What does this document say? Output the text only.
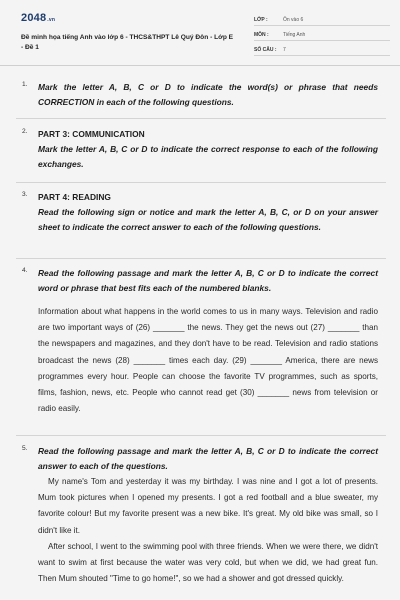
2048.vn
Đề minh họa tiếng Anh vào lớp 6 - THCS&THPT Lê Quý Đôn - Lớp E - Đề 1
LỚP :	Ôn vào 6
MÔN :	Tiếng Anh
SỐ CÂU : 7
1. Mark the letter A, B, C or D to indicate the word(s) or phrase that needs CORRECTION in each of the following questions.
2. PART 3: COMMUNICATION
Mark the letter A, B, C or D to indicate the correct response to each of the following exchanges.
3. PART 4: READING
Read the following sign or notice and mark the letter A, B, C, or D on your answer sheet to indicate the correct answer to each of the following questions.
4. Read the following passage and mark the letter A, B, C or D to indicate the correct word or phrase that best fits each of the numbered blanks.
Information about what happens in the world comes to us in many ways. Television and radio are two important ways of (26) _______ the news. They get the news out (27) _______ than the newspapers and magazines, and they don't have to be read. Television and radio stations broadcast the news (28) _______ times each day. (29) _______ America, there are news programmes every hour. People can choose the favorite TV programmes, such as sports, films, fashion, news, etc. People who cannot read get (30) _______ news from television or radio easily.
5. Read the following passage and mark the letter A, B, C or D to indicate the correct answer to each of the questions.
My name's Tom and yesterday it was my birthday. I was nine and I got a lot of presents. Mum took pictures when I opened my presents. I got a red football and a blue sweater, my favorite colour! But my favorite present was a new bike. It's great. My old bike was small, so I didn't like it.
After school, I went to the swimming pool with three friends. When we were there, we didn't want to swim at first because the water was very cold, but when we did, we had great fun. Then Mum shouted "Time to go home!", so we had a shower and got dressed quickly.
